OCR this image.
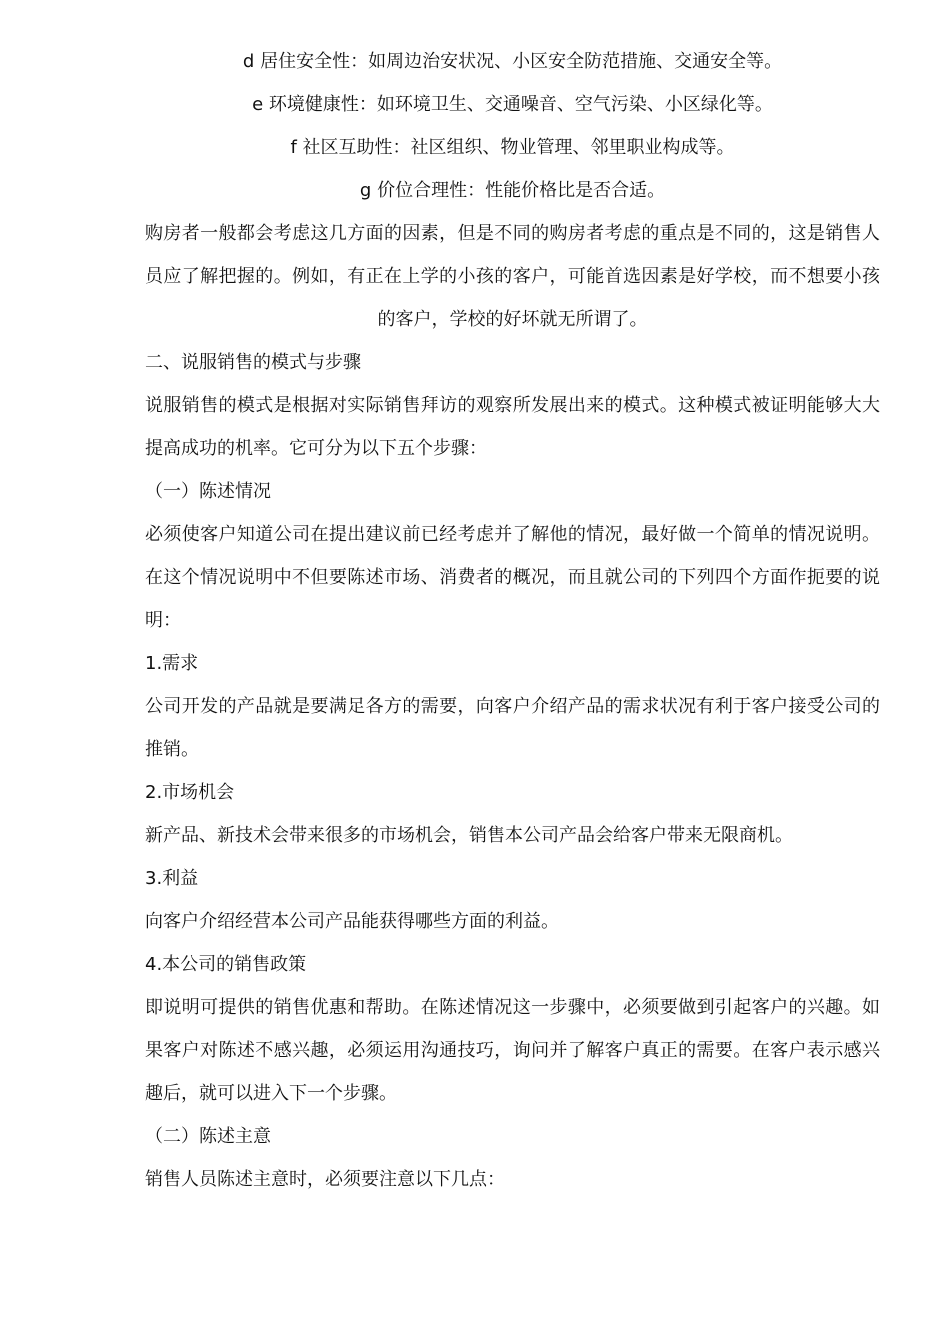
d 居住安全性：如周边治安状况、小区安全防范措施、交通安全等。

e 环境健康性：如环境卫生、交通噪音、空气污染、小区绿化等。

f 社区互助性：社区组织、物业管理、邻里职业构成等。

g 价位合理性：性能价格比是否合适。

购房者一般都会考虑这几方面的因素，但是不同的购房者考虑的重点是不同的，这是销售人员应了解把握的。例如，有正在上学的小孩的客户，可能首选因素是好学校，而不想要小孩的客户，学校的好坏就无所谓了。

二、说服销售的模式与步骤

说服销售的模式是根据对实际销售拜访的观察所发展出来的模式。这种模式被证明能够大大提高成功的机率。它可分为以下五个步骤：

（一）陈述情况

必须使客户知道公司在提出建议前已经考虑并了解他的情况，最好做一个简单的情况说明。在这个情况说明中不但要陈述市场、消费者的概况，而且就公司的下列四个方面作扼要的说明：

1.需求

公司开发的产品就是要满足各方的需要，向客户介绍产品的需求状况有利于客户接受公司的推销。

2.市场机会

新产品、新技术会带来很多的市场机会，销售本公司产品会给客户带来无限商机。

3.利益

向客户介绍经营本公司产品能获得哪些方面的利益。

4.本公司的销售政策

即说明可提供的销售优惠和帮助。在陈述情况这一步骤中，必须要做到引起客户的兴趣。如果客户对陈述不感兴趣，必须运用沟通技巧，询问并了解客户真正的需要。在客户表示感兴趣后，就可以进入下一个步骤。

（二）陈述主意

销售人员陈述主意时，必须要注意以下几点：
